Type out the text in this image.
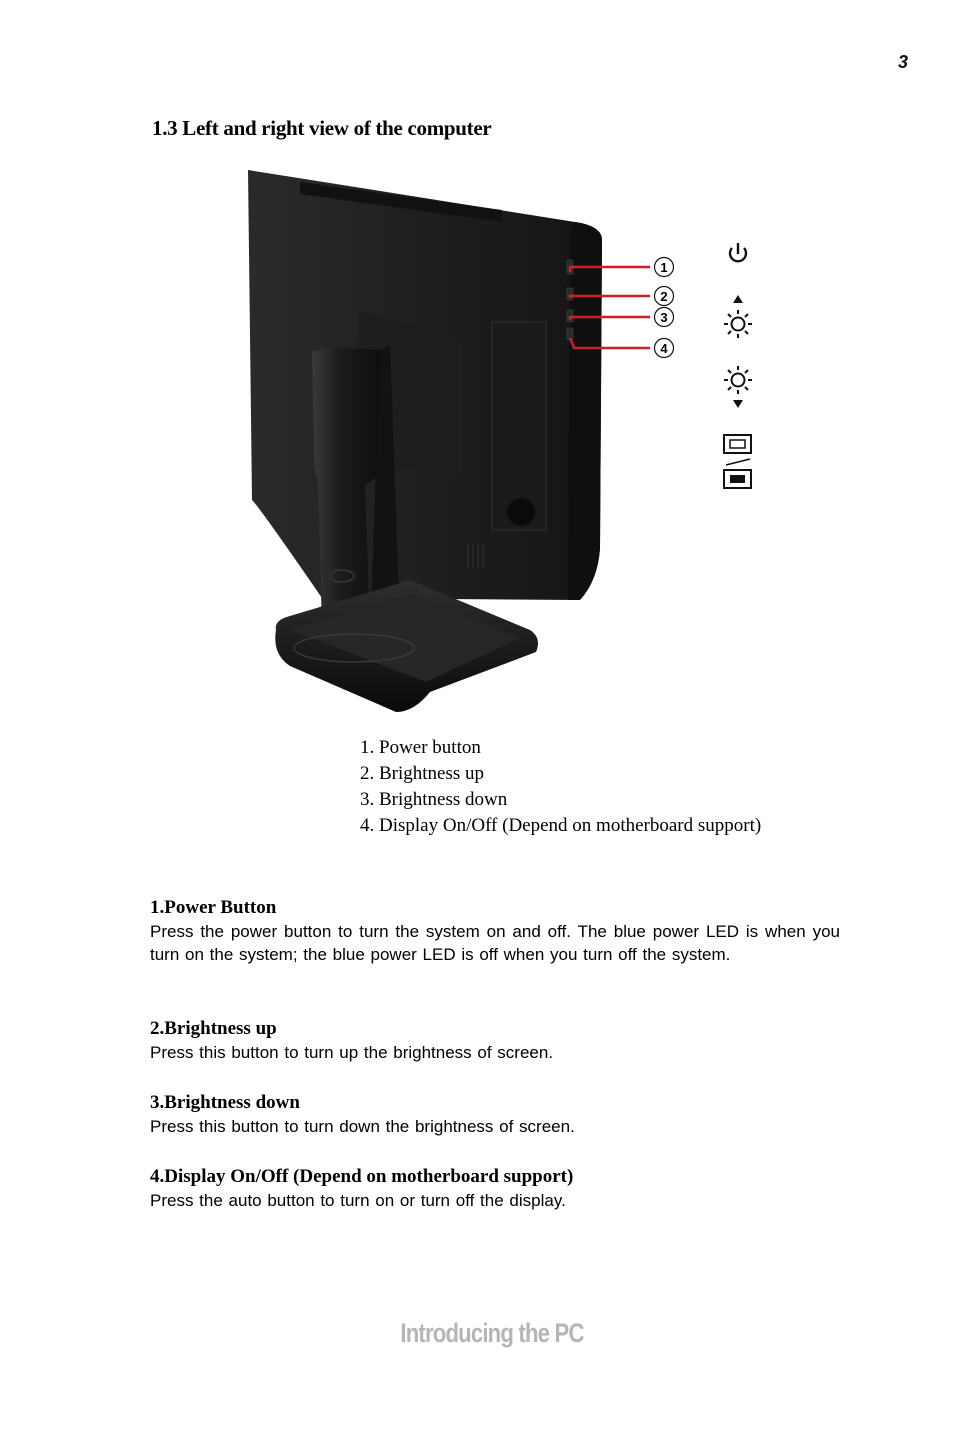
3
1.3 Left and right view of the computer
1
2
3
4
1. Power button
2. Brightness up
3. Brightness down
4. Display On/Off (Depend on motherboard support)
1.Power Button

Press the power button to turn the system on and off. The blue power LED is when you turn on the system; the blue power LED is off when you turn off the system.

2.Brightness up

Press this button to turn up the brightness of screen.

3.Brightness down

Press this button to turn down the brightness of screen.

4.Display On/Off (Depend on motherboard support)

Press the auto button to turn on or turn off the display.

Introducing the PC
